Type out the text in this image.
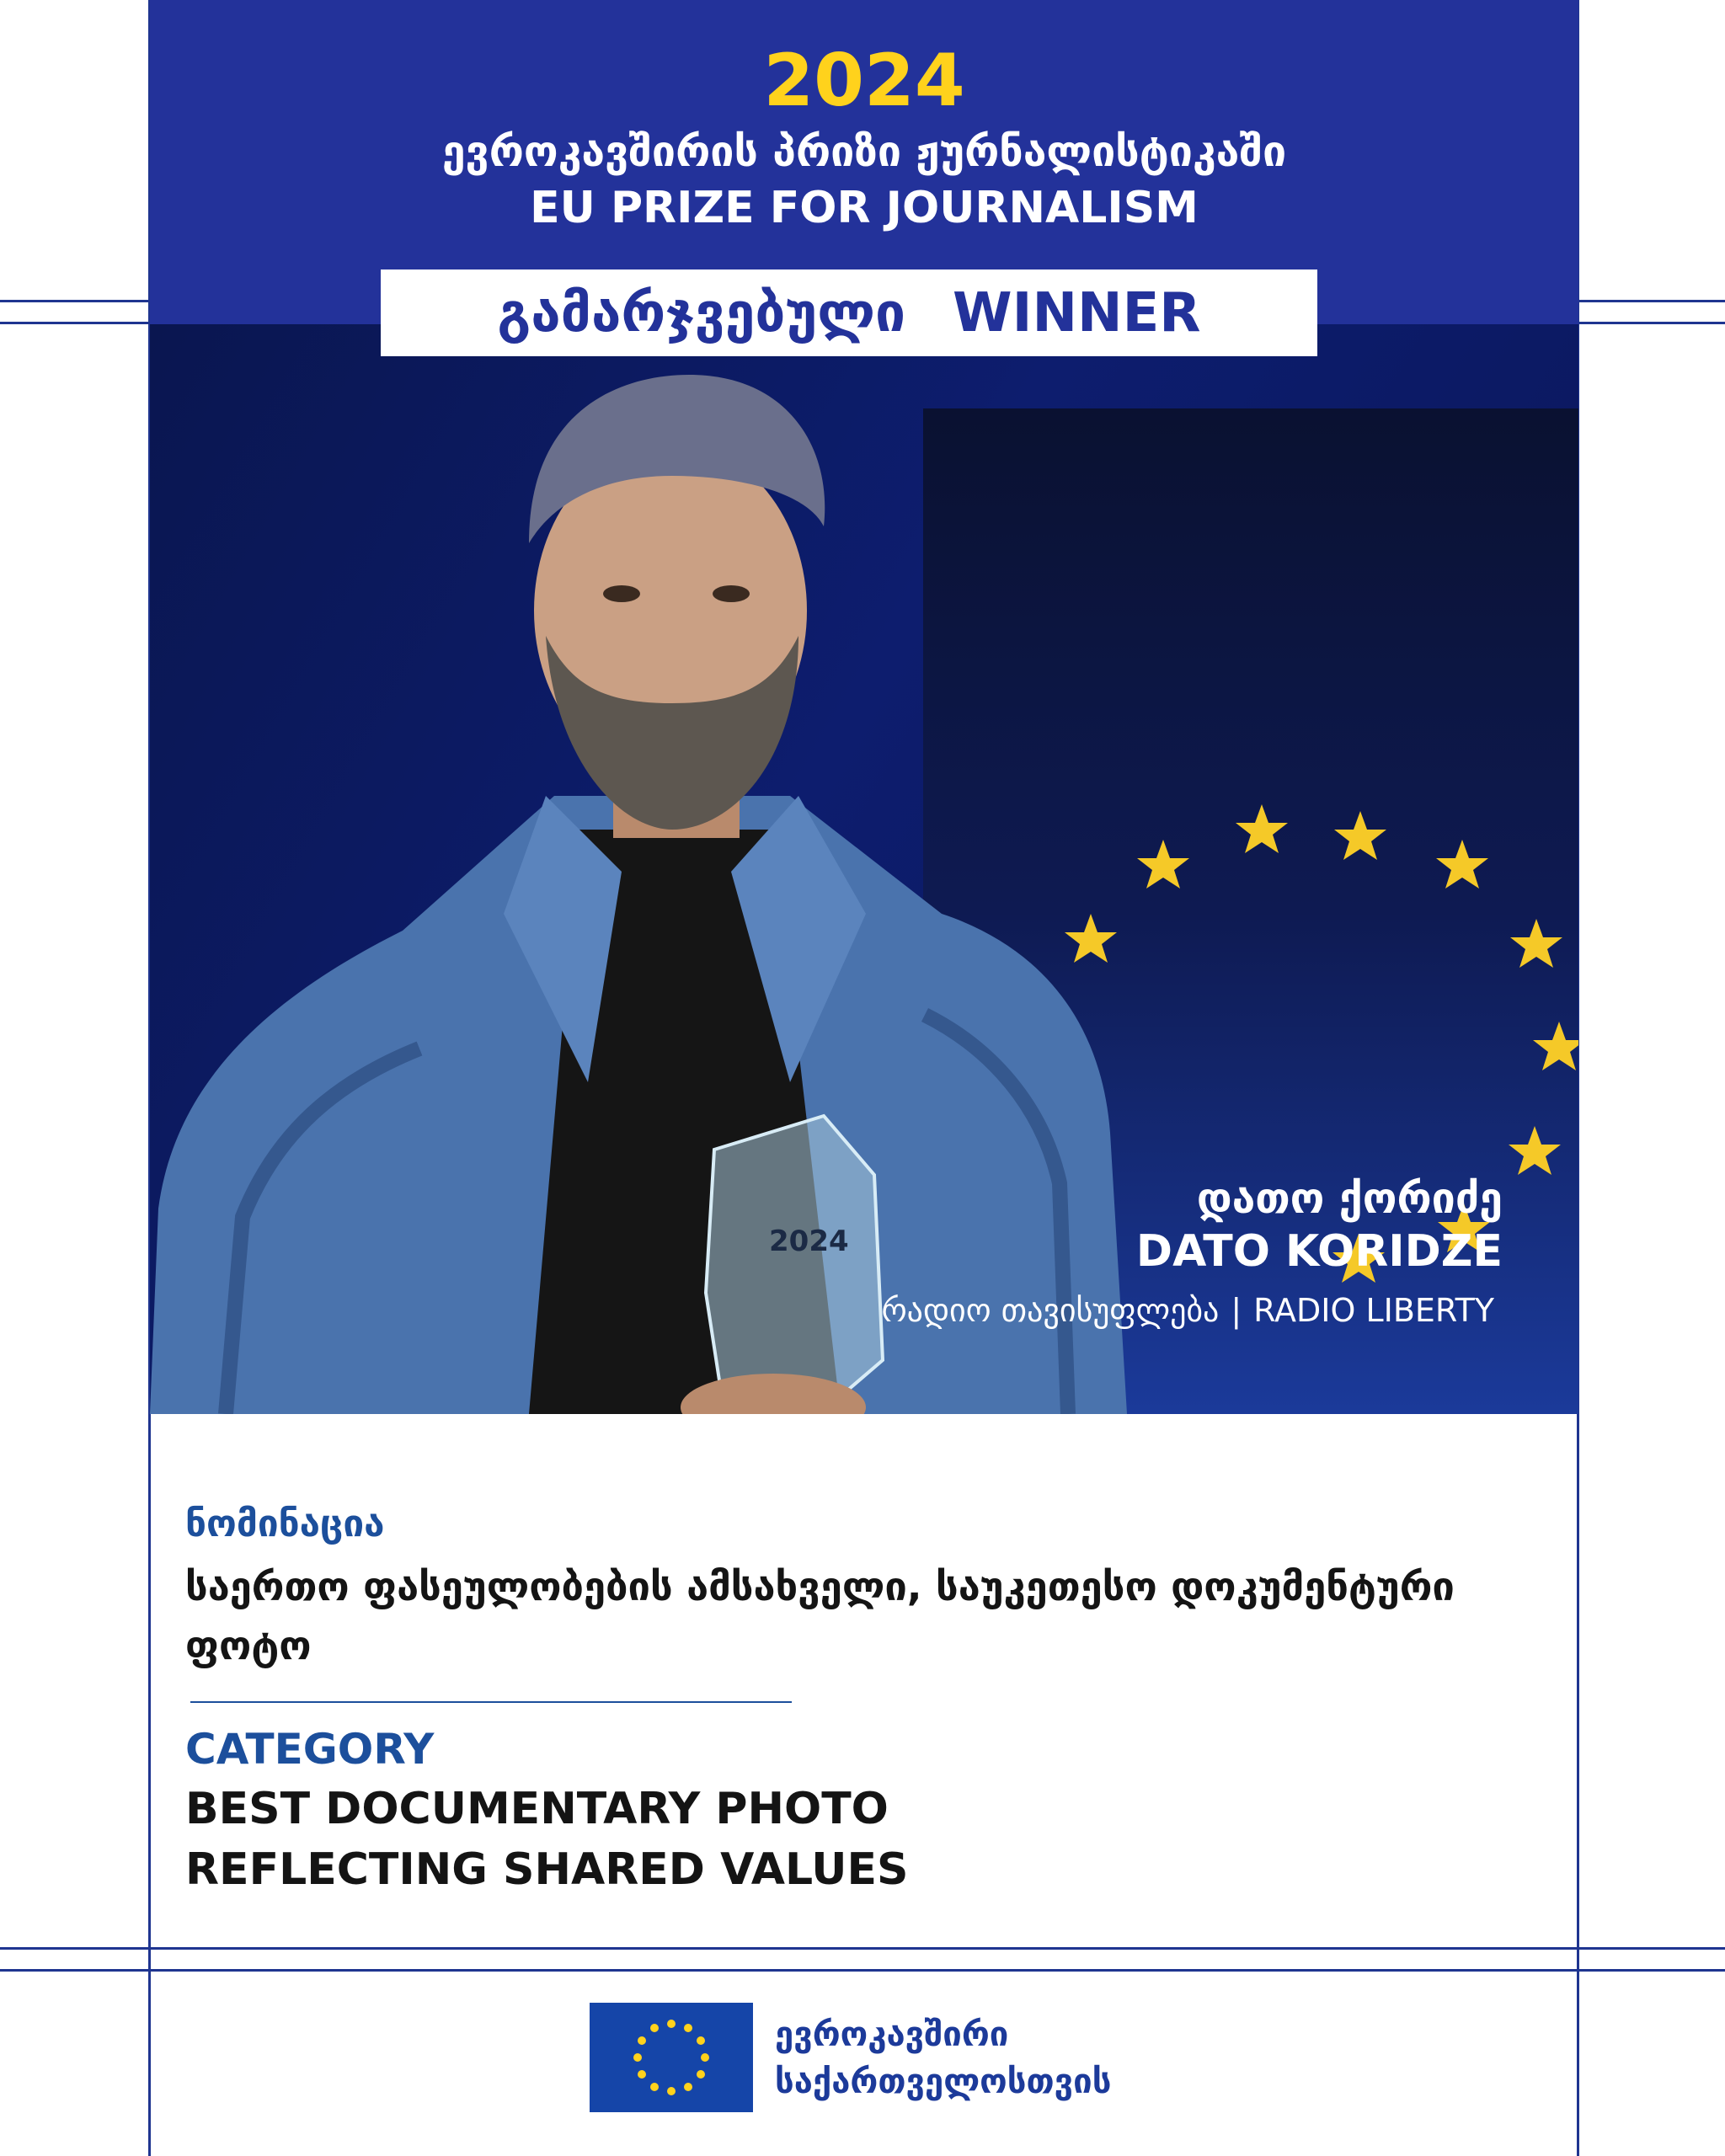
2024
ევროკავშირის პრიზი ჟურნალისტიკაში
EU PRIZE FOR JOURNALISM
გამარჯვებული WINNER
2024

დათო ქორიძე

DATO KORIDZE

რადიო თავისუფლება | RADIO LIBERTY
ნომინაცია
საერთო ფასეულობების ამსახველი, საუკეთესო დოკუმენტური ფოტო
CATEGORY
BEST DOCUMENTARY PHOTO
REFLECTING SHARED VALUES
ევროკავშირი
საქართველოსთვის
